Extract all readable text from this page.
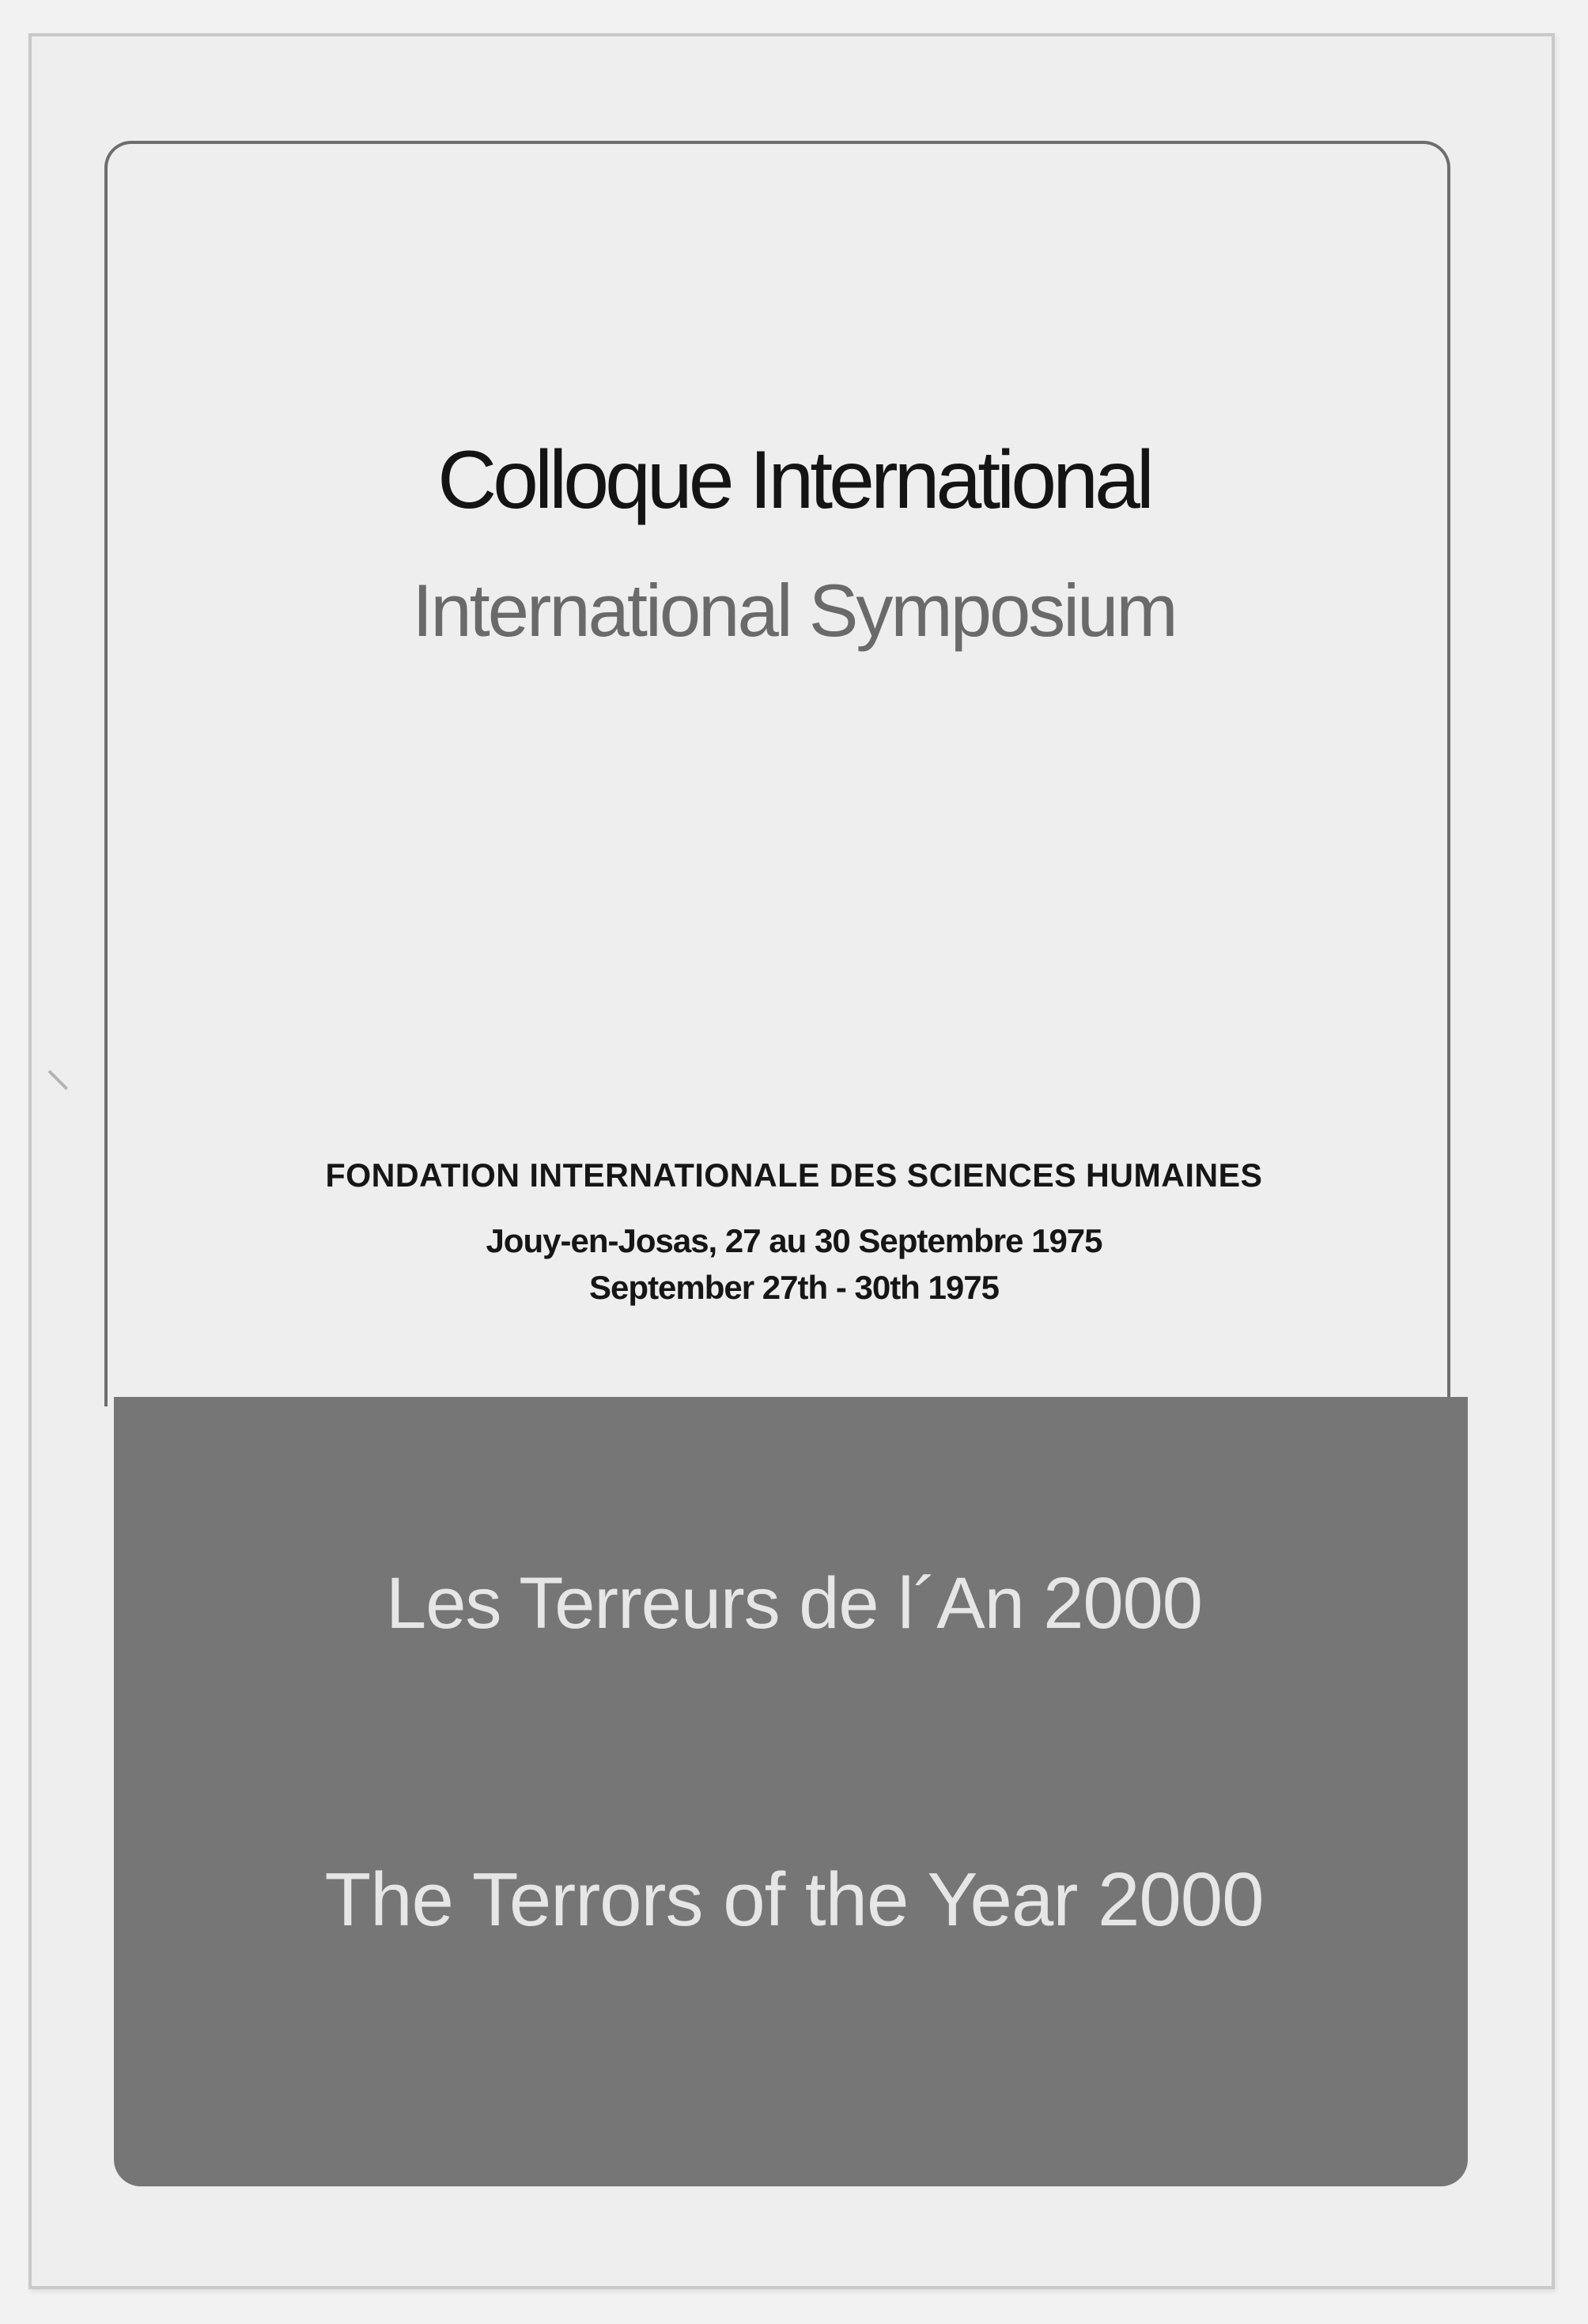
Colloque International
International Symposium
FONDATION INTERNATIONALE DES SCIENCES HUMAINES
Jouy-en-Josas, 27 au 30 Septembre 1975
September 27th - 30th 1975
Les Terreurs de l´An 2000
The Terrors of the Year 2000
